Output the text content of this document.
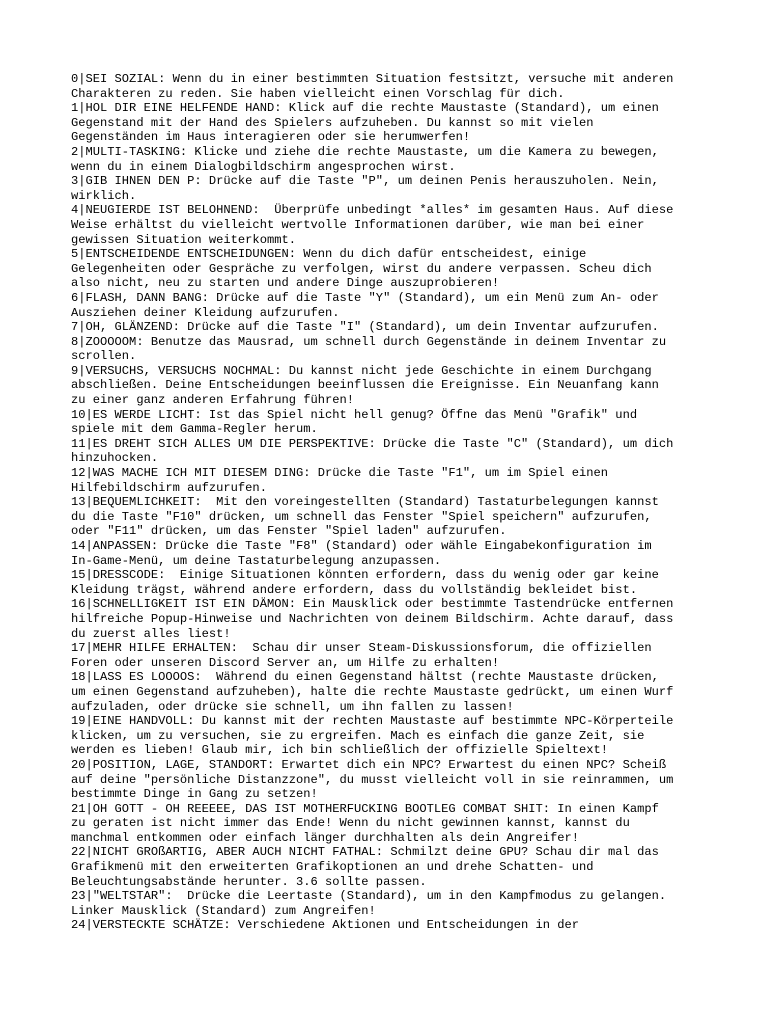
0|SEI SOZIAL: Wenn du in einer bestimmten Situation festsitzt, versuche mit anderen
Charakteren zu reden. Sie haben vielleicht einen Vorschlag für dich.
1|HOL DIR EINE HELFENDE HAND: Klick auf die rechte Maustaste (Standard), um einen
Gegenstand mit der Hand des Spielers aufzuheben. Du kannst so mit vielen
Gegenständen im Haus interagieren oder sie herumwerfen!
2|MULTI-TASKING: Klicke und ziehe die rechte Maustaste, um die Kamera zu bewegen,
wenn du in einem Dialogbildschirm angesprochen wirst.
3|GIB IHNEN DEN P: Drücke auf die Taste "P", um deinen Penis herauszuholen. Nein,
wirklich.
4|NEUGIERDE IST BELOHNEND:  Überprüfe unbedingt *alles* im gesamten Haus. Auf diese
Weise erhältst du vielleicht wertvolle Informationen darüber, wie man bei einer
gewissen Situation weiterkommt.
5|ENTSCHEIDENDE ENTSCHEIDUNGEN: Wenn du dich dafür entscheidest, einige
Gelegenheiten oder Gespräche zu verfolgen, wirst du andere verpassen. Scheu dich
also nicht, neu zu starten und andere Dinge auszuprobieren!
6|FLASH, DANN BANG: Drücke auf die Taste "Y" (Standard), um ein Menü zum An- oder
Ausziehen deiner Kleidung aufzurufen.
7|OH, GLÄNZEND: Drücke auf die Taste "I" (Standard), um dein Inventar aufzurufen.
8|ZOOOOOM: Benutze das Mausrad, um schnell durch Gegenstände in deinem Inventar zu
scrollen.
9|VERSUCHS, VERSUCHS NOCHMAL: Du kannst nicht jede Geschichte in einem Durchgang
abschließen. Deine Entscheidungen beeinflussen die Ereignisse. Ein Neuanfang kann
zu einer ganz anderen Erfahrung führen!
10|ES WERDE LICHT: Ist das Spiel nicht hell genug? Öffne das Menü "Grafik" und
spiele mit dem Gamma-Regler herum.
11|ES DREHT SICH ALLES UM DIE PERSPEKTIVE: Drücke die Taste "C" (Standard), um dich
hinzuhocken.
12|WAS MACHE ICH MIT DIESEM DING: Drücke die Taste "F1", um im Spiel einen
Hilfebildschirm aufzurufen.
13|BEQUEMLICHKEIT:  Mit den voreingestellten (Standard) Tastaturbelegungen kannst
du die Taste "F10" drücken, um schnell das Fenster "Spiel speichern" aufzurufen,
oder "F11" drücken, um das Fenster "Spiel laden" aufzurufen.
14|ANPASSEN: Drücke die Taste "F8" (Standard) oder wähle Eingabekonfiguration im
In-Game-Menü, um deine Tastaturbelegung anzupassen.
15|DRESSCODE:  Einige Situationen könnten erfordern, dass du wenig oder gar keine
Kleidung trägst, während andere erfordern, dass du vollständig bekleidet bist.
16|SCHNELLIGKEIT IST EIN DÄMON: Ein Mausklick oder bestimmte Tastendrücke entfernen
hilfreiche Popup-Hinweise und Nachrichten von deinem Bildschirm. Achte darauf, dass
du zuerst alles liest!
17|MEHR HILFE ERHALTEN:  Schau dir unser Steam-Diskussionsforum, die offiziellen
Foren oder unseren Discord Server an, um Hilfe zu erhalten!
18|LASS ES LOOOOS:  Während du einen Gegenstand hältst (rechte Maustaste drücken,
um einen Gegenstand aufzuheben), halte die rechte Maustaste gedrückt, um einen Wurf
aufzuladen, oder drücke sie schnell, um ihn fallen zu lassen!
19|EINE HANDVOLL: Du kannst mit der rechten Maustaste auf bestimmte NPC-Körperteile
klicken, um zu versuchen, sie zu ergreifen. Mach es einfach die ganze Zeit, sie
werden es lieben! Glaub mir, ich bin schließlich der offizielle Spieltext!
20|POSITION, LAGE, STANDORT: Erwartet dich ein NPC? Erwartest du einen NPC? Scheiß
auf deine "persönliche Distanzzone", du musst vielleicht voll in sie reinrammen, um
bestimmte Dinge in Gang zu setzen!
21|OH GOTT - OH REEEEE, DAS IST MOTHERFUCKING BOOTLEG COMBAT SHIT: In einen Kampf
zu geraten ist nicht immer das Ende! Wenn du nicht gewinnen kannst, kannst du
manchmal entkommen oder einfach länger durchhalten als dein Angreifer!
22|NICHT GROßARTIG, ABER AUCH NICHT FATHAL: Schmilzt deine GPU? Schau dir mal das
Grafikmenü mit den erweiterten Grafikoptionen an und drehe Schatten- und
Beleuchtungsabstände herunter. 3.6 sollte passen.
23|"WELTSTAR":  Drücke die Leertaste (Standard), um in den Kampfmodus zu gelangen.
Linker Mausklick (Standard) zum Angreifen!
24|VERSTECKTE SCHÄTZE: Verschiedene Aktionen und Entscheidungen in der
